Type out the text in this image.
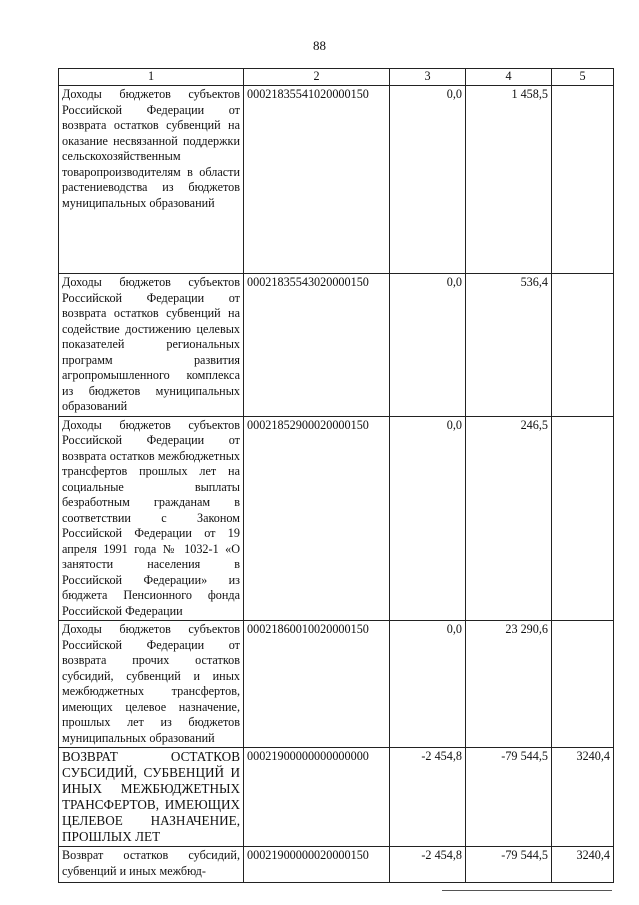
88
1	2	3	4	5
Доходы бюджетов субъектов Российской Федерации от возврата остатков субвенций на оказание несвязанной поддержки сельскохозяйственным товаропроизводителям в области растениеводства из бюджетов муниципальных образований	00021835541020000150	0,0	1 458,5	
Доходы бюджетов субъектов Российской Федерации от возврата остатков субвенций на содействие достижению целевых показателей региональных программ развития агропромышленного комплекса из бюджетов муниципальных образований	00021835543020000150	0,0	536,4	
Доходы бюджетов субъектов Российской Федерации от возврата остатков межбюджетных трансфертов прошлых лет на социальные выплаты безработным гражданам в соответствии с Законом Российской Федерации от 19 апреля 1991 года № 1032-1 «О занятости населения в Российской Федерации» из бюджета Пенсионного фонда Российской Федерации	00021852900020000150	0,0	246,5	
Доходы бюджетов субъектов Российской Федерации от возврата прочих остатков субсидий, субвенций и иных межбюджетных трансфертов, имеющих целевое назначение, прошлых лет из бюджетов муниципальных образований	00021860010020000150	0,0	23 290,6	
ВОЗВРАТ ОСТАТКОВ СУБСИДИЙ, СУБВЕНЦИЙ И ИНЫХ МЕЖБЮДЖЕТНЫХ ТРАНСФЕРТОВ, ИМЕЮЩИХ ЦЕЛЕВОЕ НАЗНАЧЕНИЕ, ПРОШЛЫХ ЛЕТ	00021900000000000000	-2 454,8	-79 544,5	3240,4
Возврат остатков субсидий, субвенций и иных межбюд-	00021900000020000150	-2 454,8	-79 544,5	3240,4
